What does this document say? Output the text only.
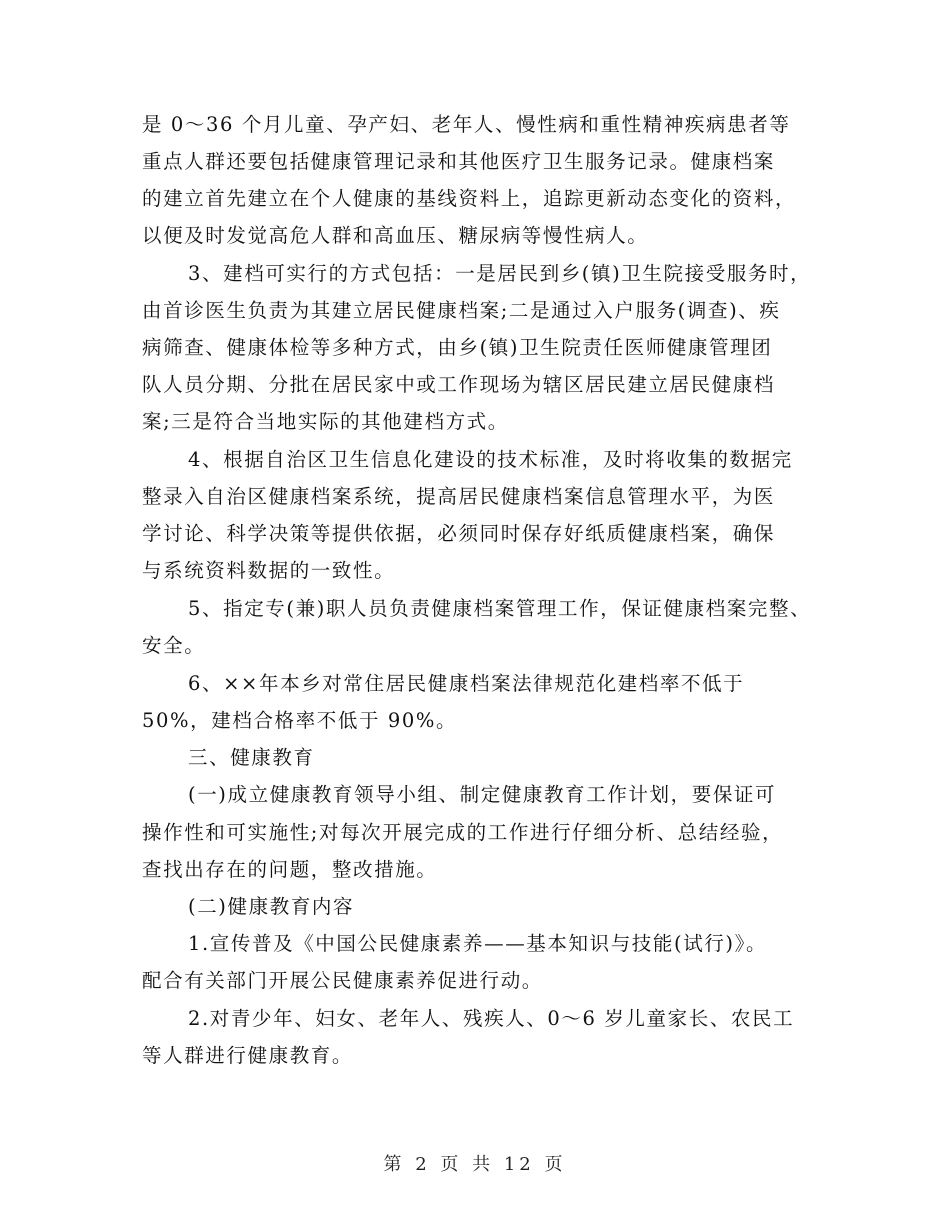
是 0～36 个月儿童、孕产妇、老年人、慢性病和重性精神疾病患者等
重点人群还要包括健康管理记录和其他医疗卫生服务记录。健康档案
的建立首先建立在个人健康的基线资料上，追踪更新动态变化的资料，
以便及时发觉高危人群和高血压、糖尿病等慢性病人。
3、建档可实行的方式包括：一是居民到乡(镇)卫生院接受服务时，
由首诊医生负责为其建立居民健康档案;二是通过入户服务(调查)、疾
病筛查、健康体检等多种方式，由乡(镇)卫生院责任医师健康管理团
队人员分期、分批在居民家中或工作现场为辖区居民建立居民健康档
案;三是符合当地实际的其他建档方式。
4、根据自治区卫生信息化建设的技术标准，及时将收集的数据完
整录入自治区健康档案系统，提高居民健康档案信息管理水平，为医
学讨论、科学决策等提供依据，必须同时保存好纸质健康档案，确保
与系统资料数据的一致性。
5、指定专(兼)职人员负责健康档案管理工作，保证健康档案完整、
安全。
6、××年本乡对常住居民健康档案法律规范化建档率不低于
50%，建档合格率不低于 90%。
三、健康教育
(一)成立健康教育领导小组、制定健康教育工作计划，要保证可
操作性和可实施性;对每次开展完成的工作进行仔细分析、总结经验，
查找出存在的问题，整改措施。
(二)健康教育内容
1.宣传普及《中国公民健康素养——基本知识与技能(试行)》。
配合有关部门开展公民健康素养促进行动。
2.对青少年、妇女、老年人、残疾人、0～6 岁儿童家长、农民工
等人群进行健康教育。
第 2 页 共 12 页
